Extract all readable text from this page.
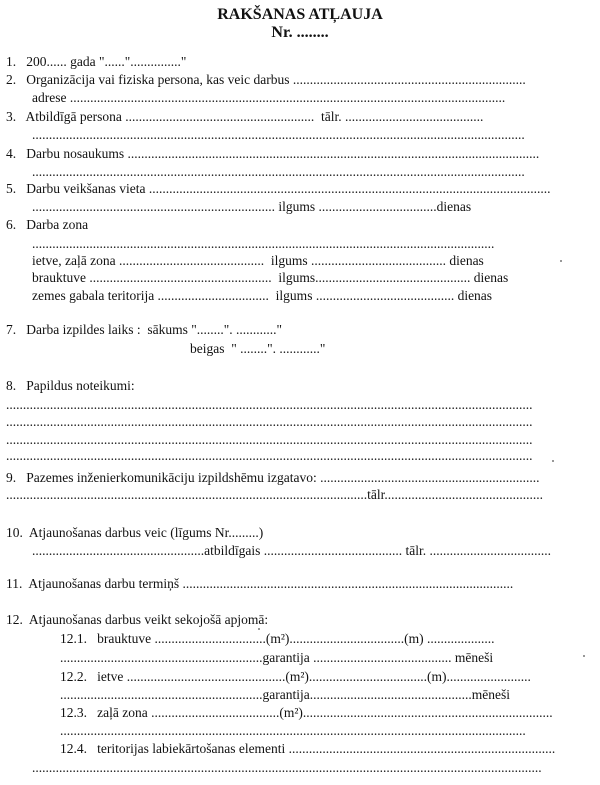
RAKŠANAS ATĻAUJA
Nr. ........
1.   200...... gada "......"..............."
2.   Organizācija vai fiziska persona, kas veic darbus .....................................................................
adrese .................................................................................................................................
3.   Atbildīgā persona ........................................................  tālr. .........................................
..................................................................................................................................................
4.   Darbu nosaukums ..........................................................................................................................
..................................................................................................................................................
5.   Darbu veikšanas vieta .......................................................................................................................
........................................................................ ilgums ...................................dienas
6.   Darba zona
.........................................................................................................................................
ietve, zaļā zona ...........................................  ilgums ........................................ dienas
brauktuve ......................................................  ilgums.............................................. dienas
zemes gabala teritorija .................................  ilgums ......................................... dienas
7.   Darba izpildes laiks :  sākums "........". ............"
beigas  " ........". ............"
8.   Papildus noteikumi:
............................................................................................................................................................
............................................................................................................................................................
............................................................................................................................................................
............................................................................................................................................................
9.   Pazemes inženierkomunikāciju izpildshēmu izgatavo: .................................................................
...........................................................................................................tālr...............................................
10.  Atjaunošanas darbus veic (līgums Nr.........)
...................................................atbildīgais ......................................... tālr. ....................................
11.  Atjaunošanas darbu termiņš ..................................................................................................
12.  Atjaunošanas darbus veikt sekojošā apjomā:
12.1.   brauktuve .................................(m²)..................................(m) ....................
............................................................garantija ......................................... mēneši
12.2.   ietve ...............................................(m²)...................................(m).........................
............................................................garantija................................................mēneši
12.3.   zaļā zona ......................................(m²)..........................................................................
..........................................................................................................................................
12.4.   teritorijas labiekārtošanas elementi ...............................................................................
.......................................................................................................................................................
